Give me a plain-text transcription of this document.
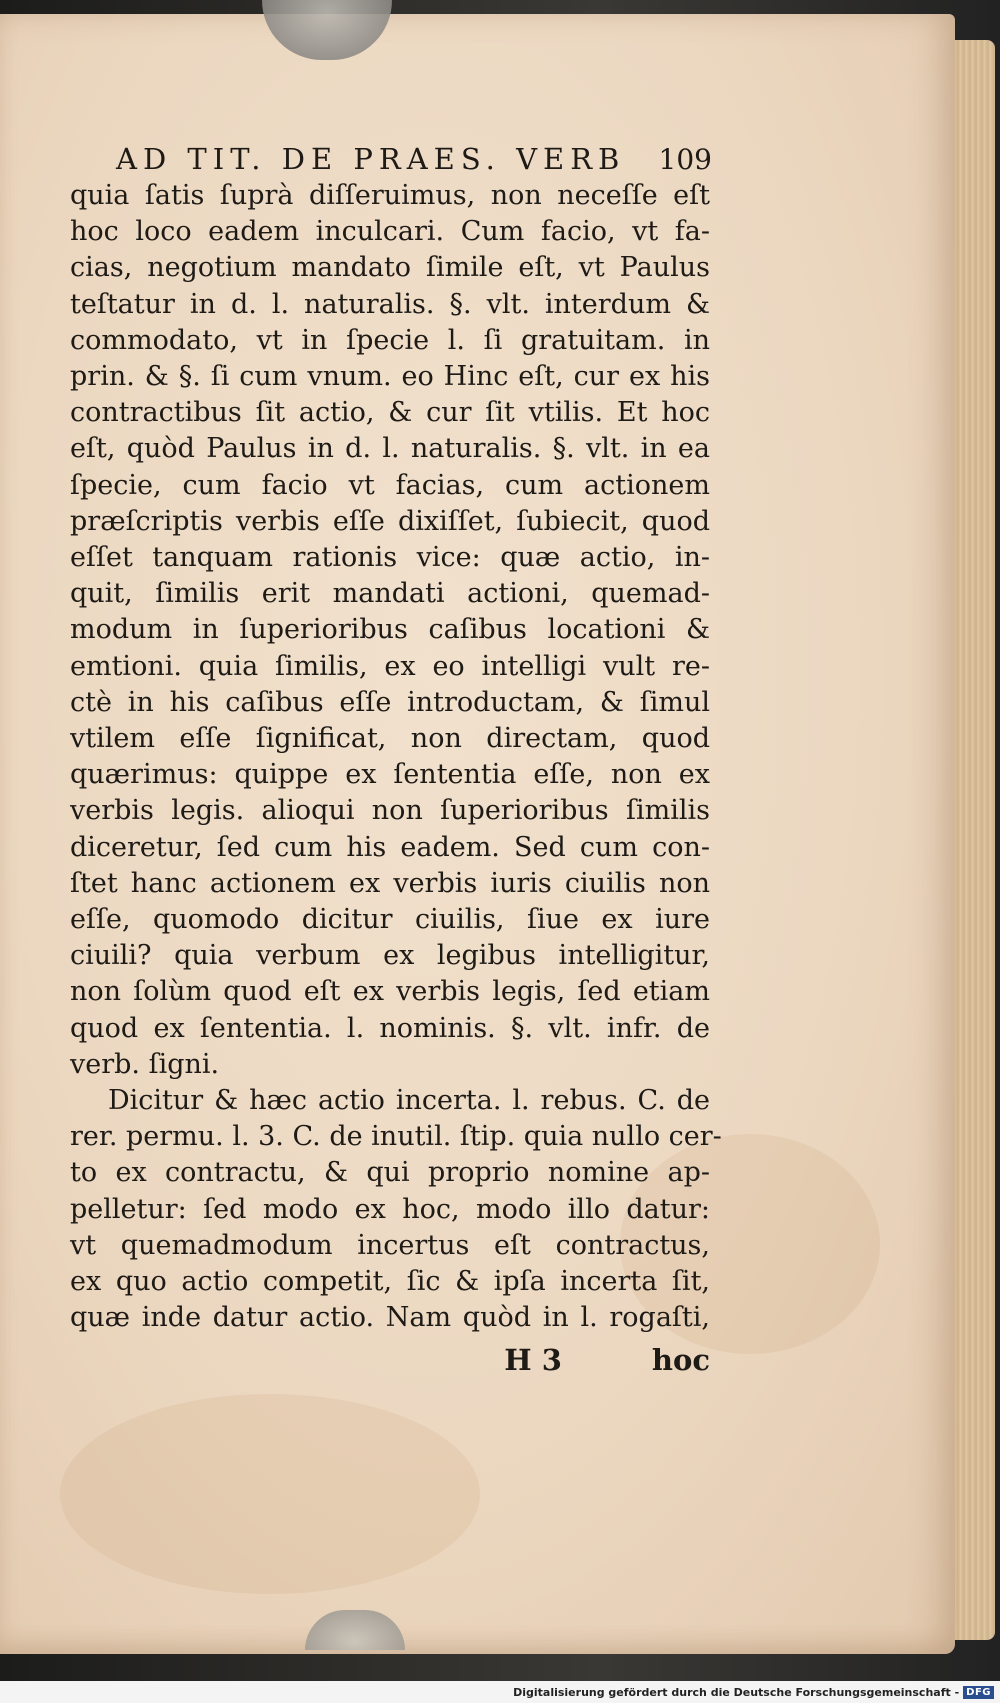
AD TIT. DE PRAES. VERB 109
quia ſatis ſuprà diſſeruimus, non neceſſe eſt
hoc loco eadem inculcari. Cum facio, vt fa-
cias, negotium mandato ſimile eſt, vt Paulus
teſtatur in d. l. naturalis. §. vlt. interdum &
commodato, vt in ſpecie l. ſi gratuitam. in
prin. & §. ſi cum vnum. eo Hinc eſt, cur ex his
contractibus ſit actio, & cur ſit vtilis. Et hoc
eſt, quòd Paulus in d. l. naturalis. §. vlt. in ea
ſpecie, cum facio vt facias, cum actionem
præſcriptis verbis eſſe dixiſſet, ſubiecit, quod
eſſet tanquam rationis vice: quæ actio, in-
quit, ſimilis erit mandati actioni, quemad-
modum in ſuperioribus caſibus locationi &
emtioni. quia ſimilis, ex eo intelligi vult re-
ctè in his caſibus eſſe introductam, & ſimul
vtilem eſſe ſignificat, non directam, quod
quærimus: quippe ex ſententia eſſe, non ex
verbis legis. alioqui non ſuperioribus ſimilis
diceretur, ſed cum his eadem. Sed cum con-
ſtet hanc actionem ex verbis iuris ciuilis non
eſſe, quomodo dicitur ciuilis, ſiue ex iure
ciuili? quia verbum ex legibus intelligitur,
non ſolùm quod eſt ex verbis legis, ſed etiam
quod ex ſententia. l. nominis. §. vlt. infr. de
verb. ſigni.
Dicitur & hæc actio incerta. l. rebus. C. de
rer. permu. l. 3. C. de inutil. ſtip. quia nullo cer-
to ex contractu, & qui proprio nomine ap-
pelletur: ſed modo ex hoc, modo illo datur:
vt quemadmodum incertus eſt contractus,
ex quo actio competit, ſic & ipſa incerta ſit,
quæ inde datur actio. Nam quòd in l. rogaſti,
H 3	hoc
Digitalisierung gefördert durch die Deutsche Forschungsgemeinschaft - DFG
